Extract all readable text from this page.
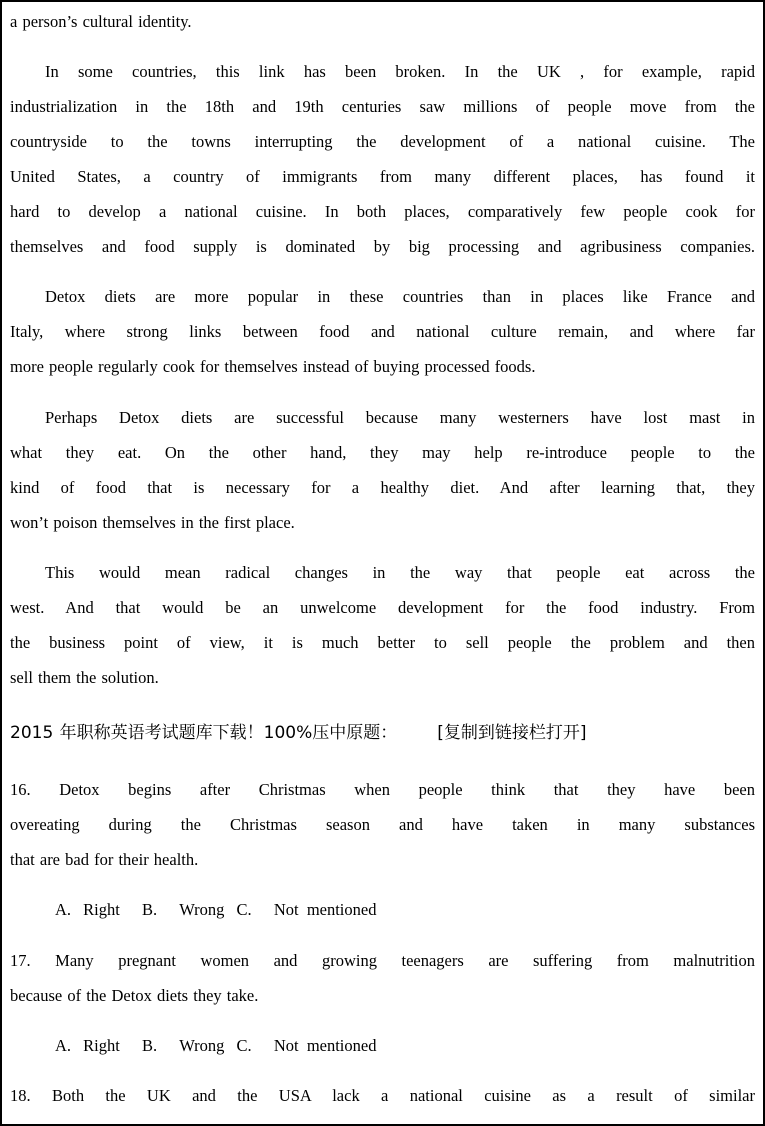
a person’s cultural identity.
In some countries, this link has been broken. In the UK , for example, rapid
industrialization in the 18th and 19th centuries saw millions of people move from the
countryside to the towns interrupting the development of a national cuisine. The
United States, a country of immigrants from many different places, has found it
hard to develop a national cuisine. In both places, comparatively few people cook for
themselves and food supply is dominated by big processing and agribusiness companies.
Detox diets are more popular in these countries than in places like France and
Italy, where strong links between food and national culture remain, and where far
more people regularly cook for themselves instead of buying processed foods.
Perhaps Detox diets are successful because many westerners have lost mast in
what they eat. On the other hand, they may help re-introduce people to the
kind of food that is necessary for a healthy diet. And after learning that, they
won’t poison themselves in the first place.
This would mean radical changes in the way that people eat across the
west. And that would be an unwelcome development for the food industry. From
the business point of view, it is much better to sell people the problem and then
sell them the solution.
2015 年职称英语考试题库下载！100%压中原题： [复制到链接栏打开]
16. Detox begins after Christmas when people think that they have been
overeating during the Christmas season and have taken in many substances
that are bad for their health.
A. Right B. Wrong C. Not  mentioned
17. Many pregnant women and growing teenagers are suffering from malnutrition
because of the Detox diets they take.
A. Right B. Wrong C. Not  mentioned
18. Both the UK and the USA lack a national cuisine as a result of similar
